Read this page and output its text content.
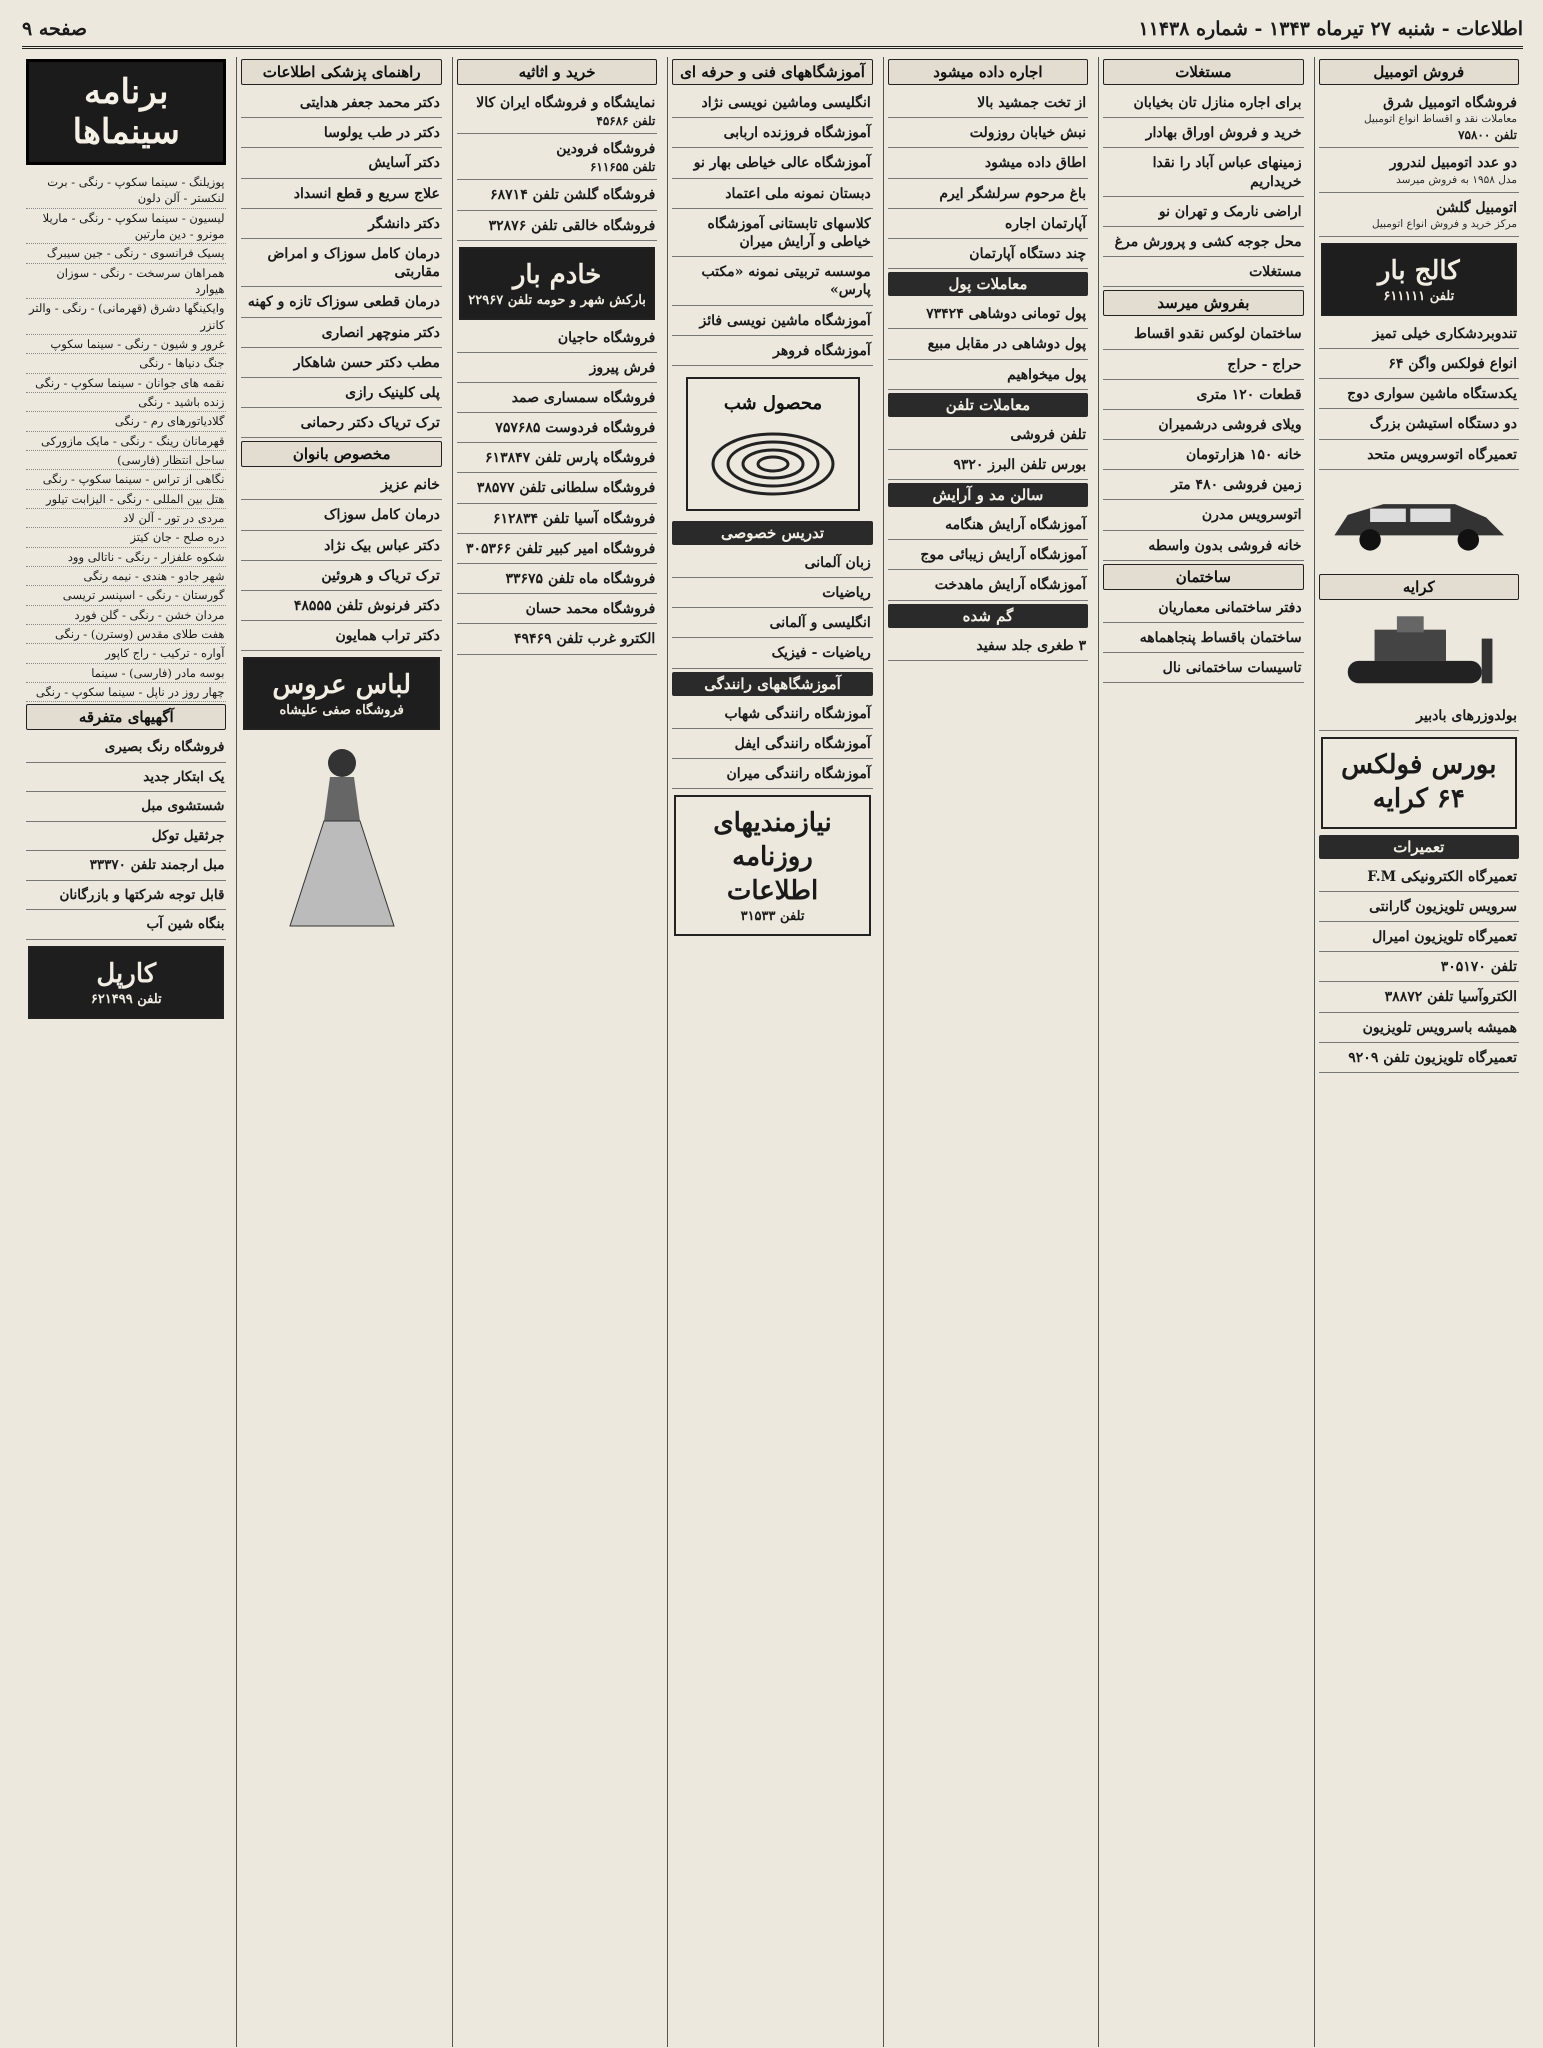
اطلاعات - شنبه ۲۷ تیرماه ۱۳۴۳ - شماره ۱۱۴۳۸
صفحه ۹
فروش اتومبیل
فروشگاه اتومبیل شرق
معاملات نقد و اقساط انواع اتومبیل
تلفن ۷۵۸۰۰
دو عدد اتومبیل لندرور
مدل ۱۹۵۸ به فروش میرسد
اتومبیل گلشن
مرکز خرید و فروش انواع اتومبیل
کالج بار
تلفن ۶۱۱۱۱۱
تندوبردشکاری خیلی تمیز
انواع فولکس واگن ۶۴
یکدستگاه ماشین سواری دوج
دو دستگاه استیشن بزرگ
تعمیرگاه اتوسرویس متحد
کرایه
بولدوزرهای بادبیر
بورس فولکس ۶۴ کرایه
تعمیرات
تعمیرگاه الکترونیکی F.M
سرویس تلویزیون گارانتی
تعمیرگاه تلویزیون امیرال
تلفن ۳۰۵۱۷۰
الکتروآسیا تلفن ۳۸۸۷۲
همیشه باسرویس تلویزیون
تعمیرگاه تلویزیون تلفن ۹۲۰۹
مستغلات
برای اجاره منازل تان بخیابان
خرید و فروش اوراق بهادار
زمینهای عباس آباد را نقدا خریداریم
اراضی نارمک و تهران نو
محل جوجه کشی و پرورش مرغ
مستغلات
بفروش میرسد
ساختمان لوکس نقدو اقساط
حراج - حراج
قطعات ۱۲۰ متری
ویلای فروشی درشمیران
خانه ۱۵۰ هزارتومان
زمین فروشی ۴۸۰ متر
اتوسرویس مدرن
خانه فروشی بدون واسطه
ساختمان
دفتر ساختمانی معماریان
ساختمان باقساط پنجاهماهه
تاسیسات ساختمانی نال
اجاره داده میشود
از تخت جمشید بالا
نبش خیابان روزولت
اطاق داده میشود
باغ مرحوم سرلشگر ایرم
آپارتمان اجاره
چند دستگاه آپارتمان
معاملات پول
پول تومانی دوشاهی ۷۳۴۲۴
پول دوشاهی در مقابل مبیع
پول میخواهیم
معاملات تلفن
تلفن فروشی
بورس تلفن البرز ۹۳۲۰
سالن مد و آرایش
آموزشگاه آرایش هنگامه
آموزشگاه آرایش زیبائی موج
آموزشگاه آرایش ماهدخت
گم شده
۳ طغری جلد سفید
آموزشگاههای فنی و حرفه ای
انگلیسی وماشین نویسی نژاد
آموزشگاه فروزنده اربابی
آموزشگاه عالی خیاطی بهار نو
دبستان نمونه ملی اعتماد
کلاسهای تابستانی آموزشگاه خیاطی و آرایش میران
موسسه تربیتی نمونه «مکتب پارس»
آموزشگاه ماشین نویسی فائز
آموزشگاه فروهر
محصول شب
تدریس خصوصی
زبان آلمانی
ریاضیات
انگلیسی و آلمانی
ریاضیات - فیزیک
آموزشگاههای رانندگی
آموزشگاه رانندگی شهاب
آموزشگاه رانندگی ایفل
آموزشگاه رانندگی میران
نیازمندیهای روزنامه اطلاعات
تلفن ۳۱۵۳۳
خرید و اثاثیه
نمایشگاه و فروشگاه ایران کالا
تلفن ۴۵۶۸۶
فروشگاه فرودین
تلفن ۶۱۱۶۵۵
فروشگاه گلشن تلفن ۶۸۷۱۴
فروشگاه خالقی تلفن ۳۲۸۷۶
خادم بار
بارکش شهر و حومه تلفن ۲۲۹۶۷
فروشگاه حاجیان
فرش پیروز
فروشگاه سمساری صمد
فروشگاه فردوست ۷۵۷۶۸۵
فروشگاه پارس تلفن ۶۱۳۸۴۷
فروشگاه سلطانی تلفن ۳۸۵۷۷
فروشگاه آسیا تلفن ۶۱۲۸۳۴
فروشگاه امیر کبیر تلفن ۳۰۵۳۶۶
فروشگاه ماه تلفن ۳۳۶۷۵
فروشگاه محمد حسان
الکترو غرب تلفن ۴۹۴۶۹
راهنمای پزشکی اطلاعات
دکتر محمد جعفر هدایتی
دکتر در طب یولوسا
دکتر آسایش
علاج سریع و قطع انسداد
دکتر دانشگر
درمان کامل سوزاک و امراض مقاربتی
درمان قطعی سوزاک تازه و کهنه
دکتر منوچهر انصاری
مطب دکتر حسن شاهکار
پلی کلینیک رازی
ترک تریاک دکتر رحمانی
مخصوص بانوان
خانم عزیز
درمان کامل سوزاک
دکتر عباس بیک نژاد
ترک تریاک و هروئین
دکتر فرنوش تلفن ۴۸۵۵۵
دکتر تراب همایون
لباس عروس
فروشگاه صفی علیشاه
برنامه سینماها
پوزیلنگ - سینما سکوپ - رنگی - برت لنکستر - آلن دلون
لیسیون - سینما سکوپ - رنگی - ماریلا مونرو - دین مارتین
پسیک فرانسوی - رنگی - جین سیبرگ
همراهان سرسخت - رنگی - سوزان هیوارد
وایکینگها دشرق (قهرمانی) - رنگی - والتر کانزر
غرور و شیون - رنگی - سینما سکوپ
جنگ دنیاها - رنگی
نقمه های جوانان - سینما سکوپ - رنگی
زنده باشید - رنگی
گلادیاتورهای رم - رنگی
قهرمانان رینگ - رنگی - مایک مازورکی
ساحل انتظار (فارسی)
نگاهی از تراس - سینما سکوپ - رنگی
هتل بین المللی - رنگی - الیزابت تیلور
مردی در تور - آلن لاد
دره صلح - جان کیتز
شکوه علفزار - رنگی - ناتالی وود
شهر جادو - هندی - نیمه رنگی
گورستان - رنگی - اسپنسر تریسی
مردان خشن - رنگی - گلن فورد
هفت طلای مقدس (وسترن) - رنگی
آواره - ترکیب - راج کاپور
بوسه مادر (فارسی) - سینما
چهار روز در ناپل - سینما سکوپ - رنگی
آگهیهای متفرقه
فروشگاه رنگ بصیری
یک ابتکار جدید
شستشوی مبل
جرثقیل توکل
مبل ارجمند تلفن ۳۳۳۷۰
قابل توجه شرکتها و بازرگانان
بنگاه شین آب
کارپل
تلفن ۶۲۱۴۹۹
